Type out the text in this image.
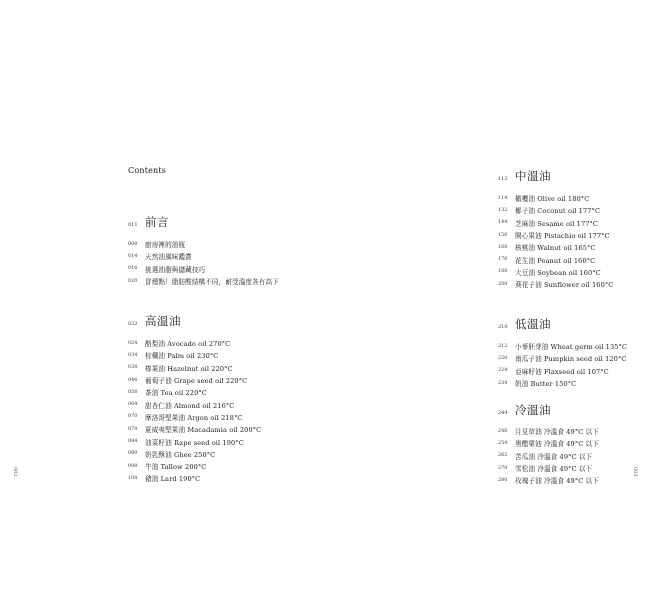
Contents
011 前言
008	廚房裡的油瓶
014	天然油風味鑑賞
016	挑選油脂與儲藏技巧
020	冒煙點！脂肪酸結構不同，耐受溫度各有高下
022 高溫油
024	酪梨油 Avocado oil 270°C
034	棕櫚油 Palm oil 230°C
038	榛果油 Hazelnut oil 220°C
046	葡萄子油 Grape seed oil 220°C
056	茶油 Tea oil 220°C
064	甜杏仁油 Almond oil 216°C
070	摩洛哥堅果油 Argon oil 218°C
078	夏威夷堅果油 Macadamia oil 200°C
084	油菜籽油 Rape seed oil 190°C
090	奶乳酥油 Ghee 250°C
098	牛油 Tallow 200°C
104	豬油 Lard 190°C
002
112 中溫油
114	橄欖油 Olive oil 180°C
132	椰子油 Coconut oil 177°C
144	芝麻油 Sesame oil 177°C
156	開心果油 Pistachio oil 177°C
168	核桃油 Walnut oil 165°C
176	花生油 Peanut oil 160°C
188	大豆油 Soybean oil 160°C
200	葵花子油 Sunflower oil 160°C
210 低溫油
212	小麥胚芽油 Wheat germ oil 135°C
220	南瓜子油 Pumpkin seed oil 120°C
224	亞麻籽油 Flaxseed oil 107°C
234	奶油 Butter 150°C
244 冷溫油
246	月見草油 冷溫食 49°C 以下
254	黑醋栗油 冷溫食 49°C 以下
262	苦瓜油 冷溫食 49°C 以下
270	雪松油 冷溫食 49°C 以下
280	玫瑰子油 冷溫食 49°C 以下
003
